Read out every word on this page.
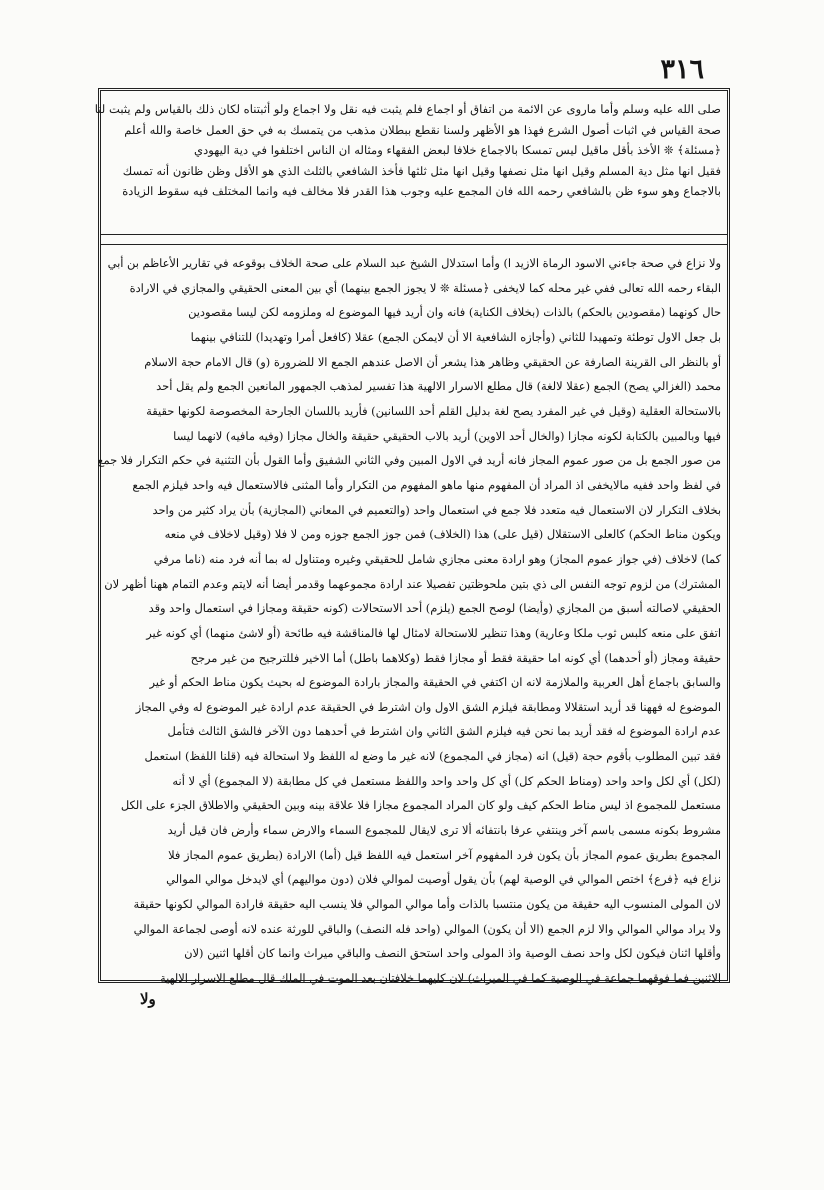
٣١٦
صلى الله عليه وسلم وأما ماروى عن الائمة من اتفاق أو اجماع فلم يثبت فيه نقل ولا اجماع ولو أثبتناه لكان ذلك بالقياس ولم يثبت لنا
صحة القياس في اثبات أصول الشرع فهذا هو الأظهر ولسنا نقطع ببطلان مذهب من يتمسك به في حق العمل خاصة والله أعلم
﴿مسئلة﴾ ❊ الأخذ بأقل ماقيل ليس تمسكا بالاجماع خلافا لبعض الفقهاء ومثاله ان الناس اختلفوا في دية اليهودي
فقيل انها مثل دية المسلم وقيل انها مثل نصفها وقيل انها مثل ثلثها فأخذ الشافعي بالثلث الذي هو الأقل وظن ظانون أنه تمسك
بالاجماع وهو سوء ظن بالشافعي رحمه الله فان المجمع عليه وجوب هذا القدر فلا مخالف فيه وانما المختلف فيه سقوط الزيادة
ولا نزاع في صحة جاءني الاسود الرماة الازيد ا) وأما استدلال الشيخ عبد السلام على صحة الخلاف بوقوعه في تقارير الأعاظم بن أبي
البقاء رحمه الله تعالى ففي غير محله كما لايخفى ﴿مسئلة ❊ لا يجوز الجمع بينهما) أي بين المعنى الحقيقي والمجازي في الارادة
حال كونهما (مقصودين بالحكم) بالذات (بخلاف الكناية) فانه وان أريد فيها الموضوع له وملزومه لكن ليسا مقصودين
بل جعل الاول توطئة وتمهيدا للثاني (وأجازه الشافعية الا أن لايمكن الجمع) عقلا (كافعل أمرا وتهديدا) للتنافي بينهما
أو بالنظر الى القرينة الصارفة عن الحقيقي وظاهر هذا يشعر أن الاصل عندهم الجمع الا للضرورة (و) قال الامام حجة الاسلام
محمد (الغزالي يصح) الجمع (عقلا لالغة) قال مطلع الاسرار الالهية هذا تفسير لمذهب الجمهور المانعين الجمع ولم يقل أحد
بالاستحالة العقلية (وقيل في غير المفرد يصح لغة بدليل القلم أحد اللسانين) فأريد باللسان الجارحة المخصوصة لكونها حقيقة
فيها وبالمبين بالكتابة لكونه مجازا (والخال أحد الاوين) أريد بالاب الحقيقي حقيقة والخال مجازا (وفيه مافيه) لانهما ليسا
من صور الجمع بل من صور عموم المجاز فانه أريد في الاول المبين وفي الثاني الشفيق وأما القول بأن التثنية في حكم التكرار فلا جمع
في لفظ واحد ففيه مالايخفى اذ المراد أن المفهوم منها ماهو المفهوم من التكرار وأما المثنى فالاستعمال فيه واحد فيلزم الجمع
بخلاف التكرار لان الاستعمال فيه متعدد فلا جمع في استعمال واحد (والتعميم في المعاني (المجازية) بأن يراد كثير من واحد
ويكون مناط الحكم) كالعلى الاستقلال (قيل على) هذا (الخلاف) فمن جوز الجمع جوزه ومن لا فلا (وقيل لاخلاف في منعه
كما) لاخلاف (في جواز عموم المجاز) وهو ارادة معنى مجازي شامل للحقيقي وغيره ومتناول له بما أنه فرد منه (ناما مرفي
المشترك) من لزوم توجه النفس الى ذي بتين ملحوظتين تفصيلا عند ارادة مجموعهما وقدمر أيضا أنه لايتم وعدم التمام ههنا أظهر لان
الحقيقي لاصالته أسبق من المجازي (وأيضا) لوصح الجمع (يلزم) أحد الاستحالات (كونه حقيقة ومجازا في استعمال واحد وقد
اتفق على منعه كلبس ثوب ملكا وعارية) وهذا تنظير للاستحالة لامثال لها فالمناقشة فيه طائحة (أو لاشئ منهما) أي كونه غير
حقيقة ومجاز (أو أحدهما) أي كونه اما حقيقة فقط أو مجازا فقط (وكلاهما باطل) أما الاخير فللترجيح من غير مرجح
والسابق باجماع أهل العربية والملازمة لانه ان اكتفي في الحقيقة والمجاز بارادة الموضوع له بحيث يكون مناط الحكم أو غير
الموضوع له فههنا قد أريد استقلالا ومطابقة فيلزم الشق الاول وان اشترط في الحقيقة عدم ارادة غير الموضوع له وفي المجاز
عدم ارادة الموضوع له فقد أريد بما نحن فيه فيلزم الشق الثاني وان اشترط في أحدهما دون الآخر فالشق الثالث فتأمل
فقد تبين المطلوب بأقوم حجة (قيل) انه (مجاز في المجموع) لانه غير ما وضع له اللفظ ولا استحالة فيه (قلنا اللفظ) استعمل
(لكل) أي لكل واحد واحد (ومناط الحكم كل) أي كل واحد واحد واللفظ مستعمل في كل مطابقة (لا المجموع) أي لا أنه
مستعمل للمجموع اذ ليس مناط الحكم كيف ولو كان المراد المجموع مجازا فلا علاقة بينه وبين الحقيقي والاطلاق الجزء على الكل
مشروط بكونه مسمى باسم آخر وينتفي عرفا بانتفائه ألا ترى لايقال للمجموع السماء والارض سماء وأرض فان قيل أريد
المجموع بطريق عموم المجاز بأن يكون فرد المفهوم آخر استعمل فيه اللفظ قيل (أما) الارادة (بطريق عموم المجاز فلا
نزاع فيه ﴿فرع﴾ اختص الموالي في الوصية لهم) بأن يقول أوصيت لموالي فلان (دون مواليهم) أي لايدخل موالي الموالي
لان المولى المنسوب اليه حقيقة من يكون منتسبا بالذات وأما موالي الموالي فلا ينسب اليه حقيقة فارادة الموالي لكونها حقيقة
ولا يراد موالي الموالي والا لزم الجمع (الا أن يكون) الموالي (واحد فله النصف) والباقي للورثة عنده لانه أوصى لجماعة الموالي
وأقلها اثنان فيكون لكل واحد نصف الوصية واذ المولى واحد استحق النصف والباقي ميراث وانما كان أقلها اثنين (لان
الاثنين فما فوقهما جماعة في الوصية كما في الميراث) لان كليهما خلافتان بعد الموت في الملك قال مطلع الاسرار الالهية
ولا
